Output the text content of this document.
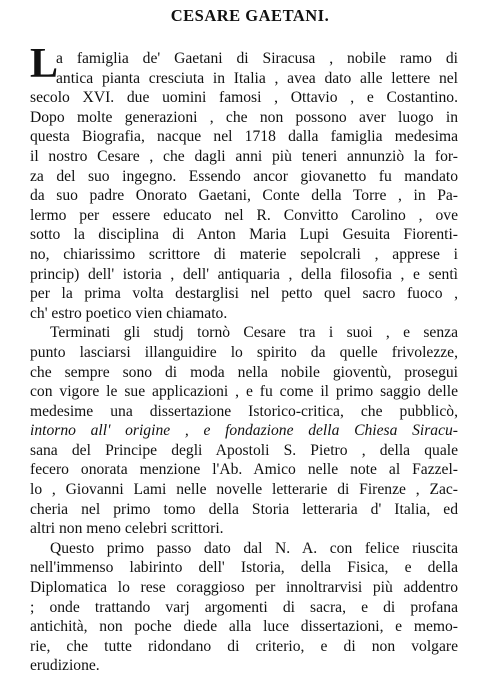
CESARE GAETANI.
L
a famiglia de' Gaetani di Siracusa , nobile ramo di
antica pianta cresciuta in Italia , avea dato alle lettere nel
secolo XVI. due uomini famosi , Ottavio , e Costantino.
Dopo molte generazioni , che non possono aver luogo in
questa Biografia, nacque nel 1718 dalla famiglia medesima
il nostro Cesare , che dagli anni più teneri annunziò la for-
za del suo ingegno. Essendo ancor giovanetto fu mandato
da suo padre Onorato Gaetani, Conte della Torre , in Pa-
lermo per essere educato nel R. Convitto Carolino , ove
sotto la disciplina di Anton Maria Lupi Gesuita Fiorenti-
no, chiarissimo scrittore di materie sepolcrali , apprese i
princip) dell' istoria , dell' antiquaria , della filosofia , e sentì
per la prima volta destarglisi nel petto quel sacro fuoco ,
ch' estro poetico vien chiamato.
Terminati gli studj tornò Cesare tra i suoi , e senza
punto lasciarsi illanguidire lo spirito da quelle frivolezze,
che sempre sono di moda nella nobile gioventù, prosegui
con vigore le sue applicazioni , e fu come il primo saggio delle
medesime una dissertazione Istorico-critica, che pubblicò,
intorno all' origine , e fondazione della Chiesa Siracu-
sana del Principe degli Apostoli S. Pietro , della quale
fecero onorata menzione l'Ab. Amico nelle note al Fazzel-
lo , Giovanni Lami nelle novelle letterarie di Firenze , Zac-
cheria nel primo tomo della Storia letteraria d' Italia, ed
altri non meno celebri scrittori.
Questo primo passo dato dal N. A. con felice riuscita
nell'immenso labirinto dell' Istoria, della Fisica, e della
Diplomatica lo rese coraggioso per innoltrarvisi più addentro
; onde trattando varj argomenti di sacra, e di profana
antichità, non poche diede alla luce dissertazioni, e memo-
rie, che tutte ridondano di criterio, e di non volgare
erudizione.
